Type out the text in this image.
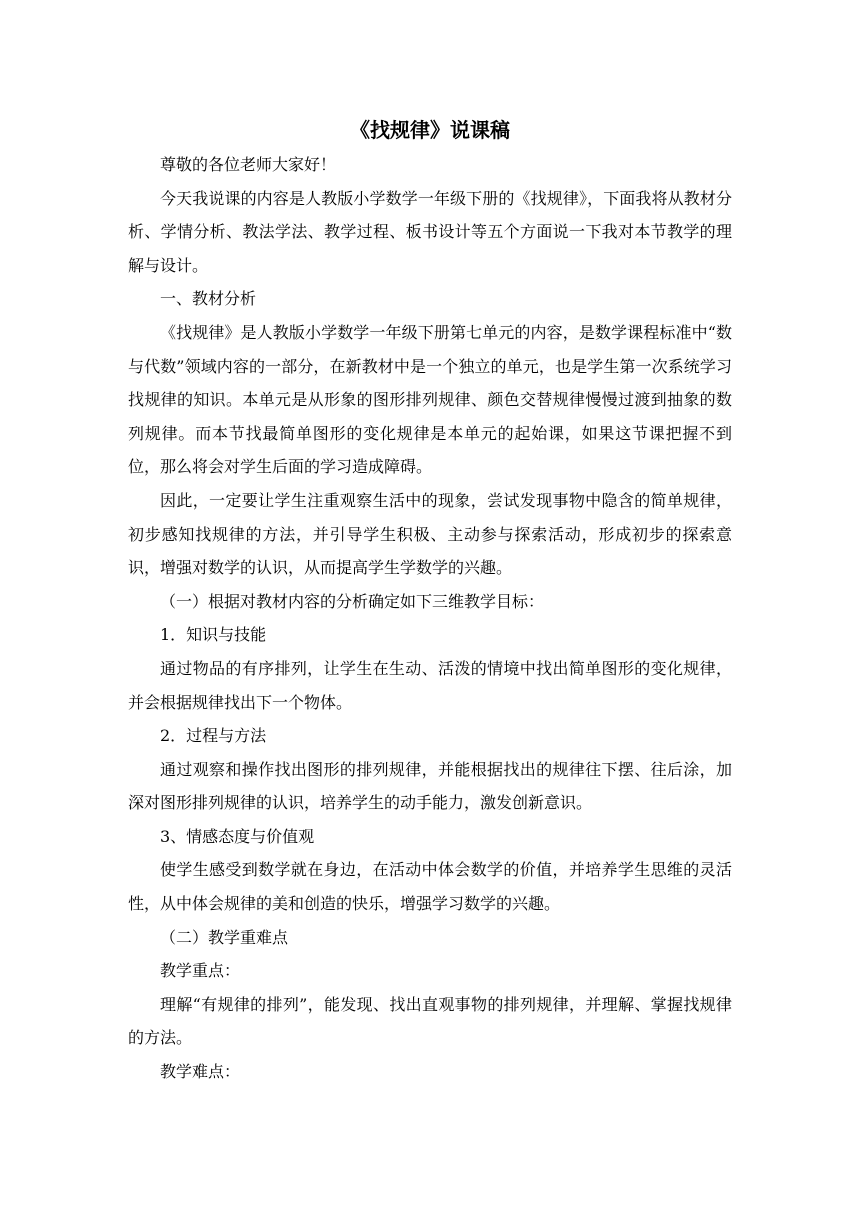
《找规律》说课稿

尊敬的各位老师大家好！

今天我说课的内容是人教版小学数学一年级下册的《找规律》，下面我将从教材分析、学情分析、教法学法、教学过程、板书设计等五个方面说一下我对本节教学的理解与设计。

一、教材分析

《找规律》是人教版小学数学一年级下册第七单元的内容，是数学课程标准中“数与代数”领域内容的一部分，在新教材中是一个独立的单元，也是学生第一次系统学习找规律的知识。本单元是从形象的图形排列规律、颜色交替规律慢慢过渡到抽象的数列规律。而本节找最简单图形的变化规律是本单元的起始课，如果这节课把握不到位，那么将会对学生后面的学习造成障碍。

因此，一定要让学生注重观察生活中的现象，尝试发现事物中隐含的简单规律，初步感知找规律的方法，并引导学生积极、主动参与探索活动，形成初步的探索意识，增强对数学的认识，从而提高学生学数学的兴趣。

（一）根据对教材内容的分析确定如下三维教学目标：

1．知识与技能

通过物品的有序排列，让学生在生动、活泼的情境中找出简单图形的变化规律，并会根据规律找出下一个物体。

2．过程与方法

通过观察和操作找出图形的排列规律，并能根据找出的规律往下摆、往后涂，加深对图形排列规律的认识，培养学生的动手能力，激发创新意识。

3、情感态度与价值观

使学生感受到数学就在身边，在活动中体会数学的价值，并培养学生思维的灵活性，从中体会规律的美和创造的快乐，增强学习数学的兴趣。

（二）教学重难点

教学重点：

理解“有规律的排列”，能发现、找出直观事物的排列规律，并理解、掌握找规律的方法。

教学难点：
